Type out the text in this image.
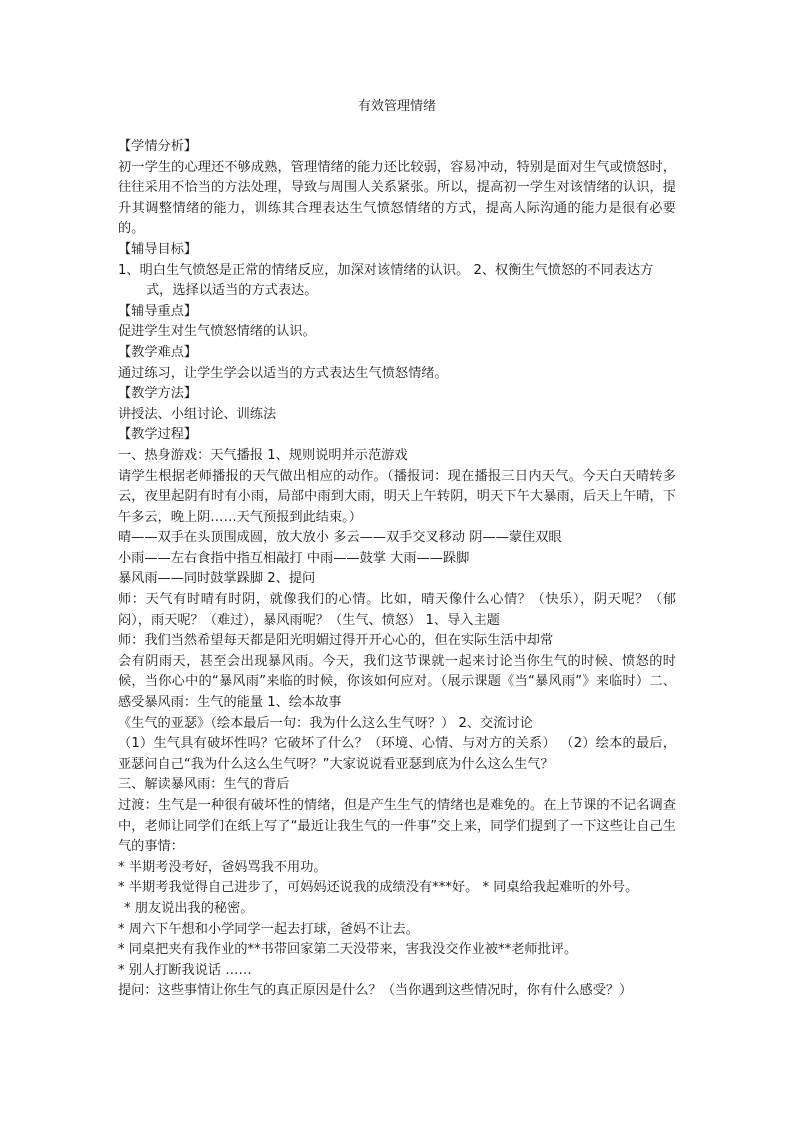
有效管理情绪
【学情分析】
初一学生的心理还不够成熟，管理情绪的能力还比较弱，容易冲动，特别是面对生气或愤怒时，往往采用不恰当的方法处理，导致与周围人关系紧张。所以，提高初一学生对该情绪的认识，提升其调整情绪的能力，训练其合理表达生气愤怒情绪的方式，提高人际沟通的能力是很有必要的。
【辅导目标】
1、明白生气愤怒是正常的情绪反应，加深对该情绪的认识。 2、权衡生气愤怒的不同表达方式，选择以适当的方式表达。
【辅导重点】
促进学生对生气愤怒情绪的认识。
【教学难点】
通过练习，让学生学会以适当的方式表达生气愤怒情绪。
【教学方法】
讲授法、小组讨论、训练法
【教学过程】
一、热身游戏：天气播报 1、规则说明并示范游戏
请学生根据老师播报的天气做出相应的动作。（播报词：现在播报三日内天气。今天白天晴转多云，夜里起阴有时有小雨，局部中雨到大雨，明天上午转阴，明天下午大暴雨，后天上午晴，下午多云，晚上阴……天气预报到此结束。）
晴——双手在头顶围成圆，放大放小 多云——双手交叉移动 阴——蒙住双眼
小雨——左右食指中指互相敲打 中雨——鼓掌 大雨——跺脚
暴风雨——同时鼓掌跺脚 2、提问
师：天气有时晴有时阴，就像我们的心情。比如，晴天像什么心情？（快乐），阴天呢？（郁闷），雨天呢？（难过），暴风雨呢？（生气、愤怒） 1、导入主题
师：我们当然希望每天都是阳光明媚过得开开心心的，但在实际生活中却常
会有阴雨天，甚至会出现暴风雨。今天，我们这节课就一起来讨论当你生气的时候、愤怒的时候，当你心中的“暴风雨”来临的时候，你该如何应对。（展示课题《当“暴风雨”》来临时）二、感受暴风雨：生气的能量 1、绘本故事
《生气的亚瑟》（绘本最后一句：我为什么这么生气呀？） 2、交流讨论
（1）生气具有破坏性吗？它破坏了什么？（环境、心情、与对方的关系） （2）绘本的最后，亚瑟问自己“我为什么这么生气呀？”大家说说看亚瑟到底为什么这么生气？
三、解读暴风雨：生气的背后
过渡：生气是一种很有破坏性的情绪，但是产生生气的情绪也是难免的。在上节课的不记名调查中，老师让同学们在纸上写了“最近让我生气的一件事”交上来，同学们提到了一下这些让自己生气的事情：
* 半期考没考好，爸妈骂我不用功。
* 半期考我觉得自己进步了，可妈妈还说我的成绩没有***好。 * 同桌给我起难听的外号。
* 朋友说出我的秘密。
* 周六下午想和小学同学一起去打球，爸妈不让去。
* 同桌把夹有我作业的**书带回家第二天没带来，害我没交作业被**老师批评。
* 别人打断我说话 ……
提问：这些事情让你生气的真正原因是什么？（当你遇到这些情况时，你有什么感受？）
